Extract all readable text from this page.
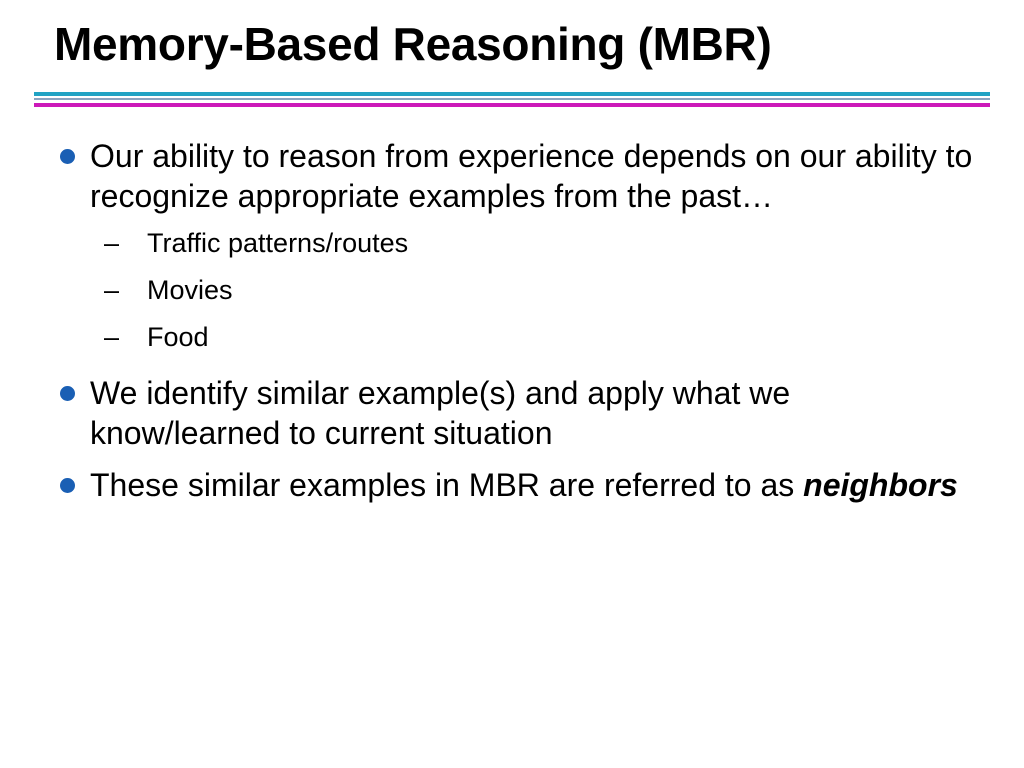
Memory-Based Reasoning (MBR)
Our ability to reason from experience depends on our ability to recognize appropriate examples from the past…
– Traffic patterns/routes
– Movies
– Food
We identify similar example(s) and apply what we know/learned to current situation
These similar examples in MBR are referred to as neighbors
